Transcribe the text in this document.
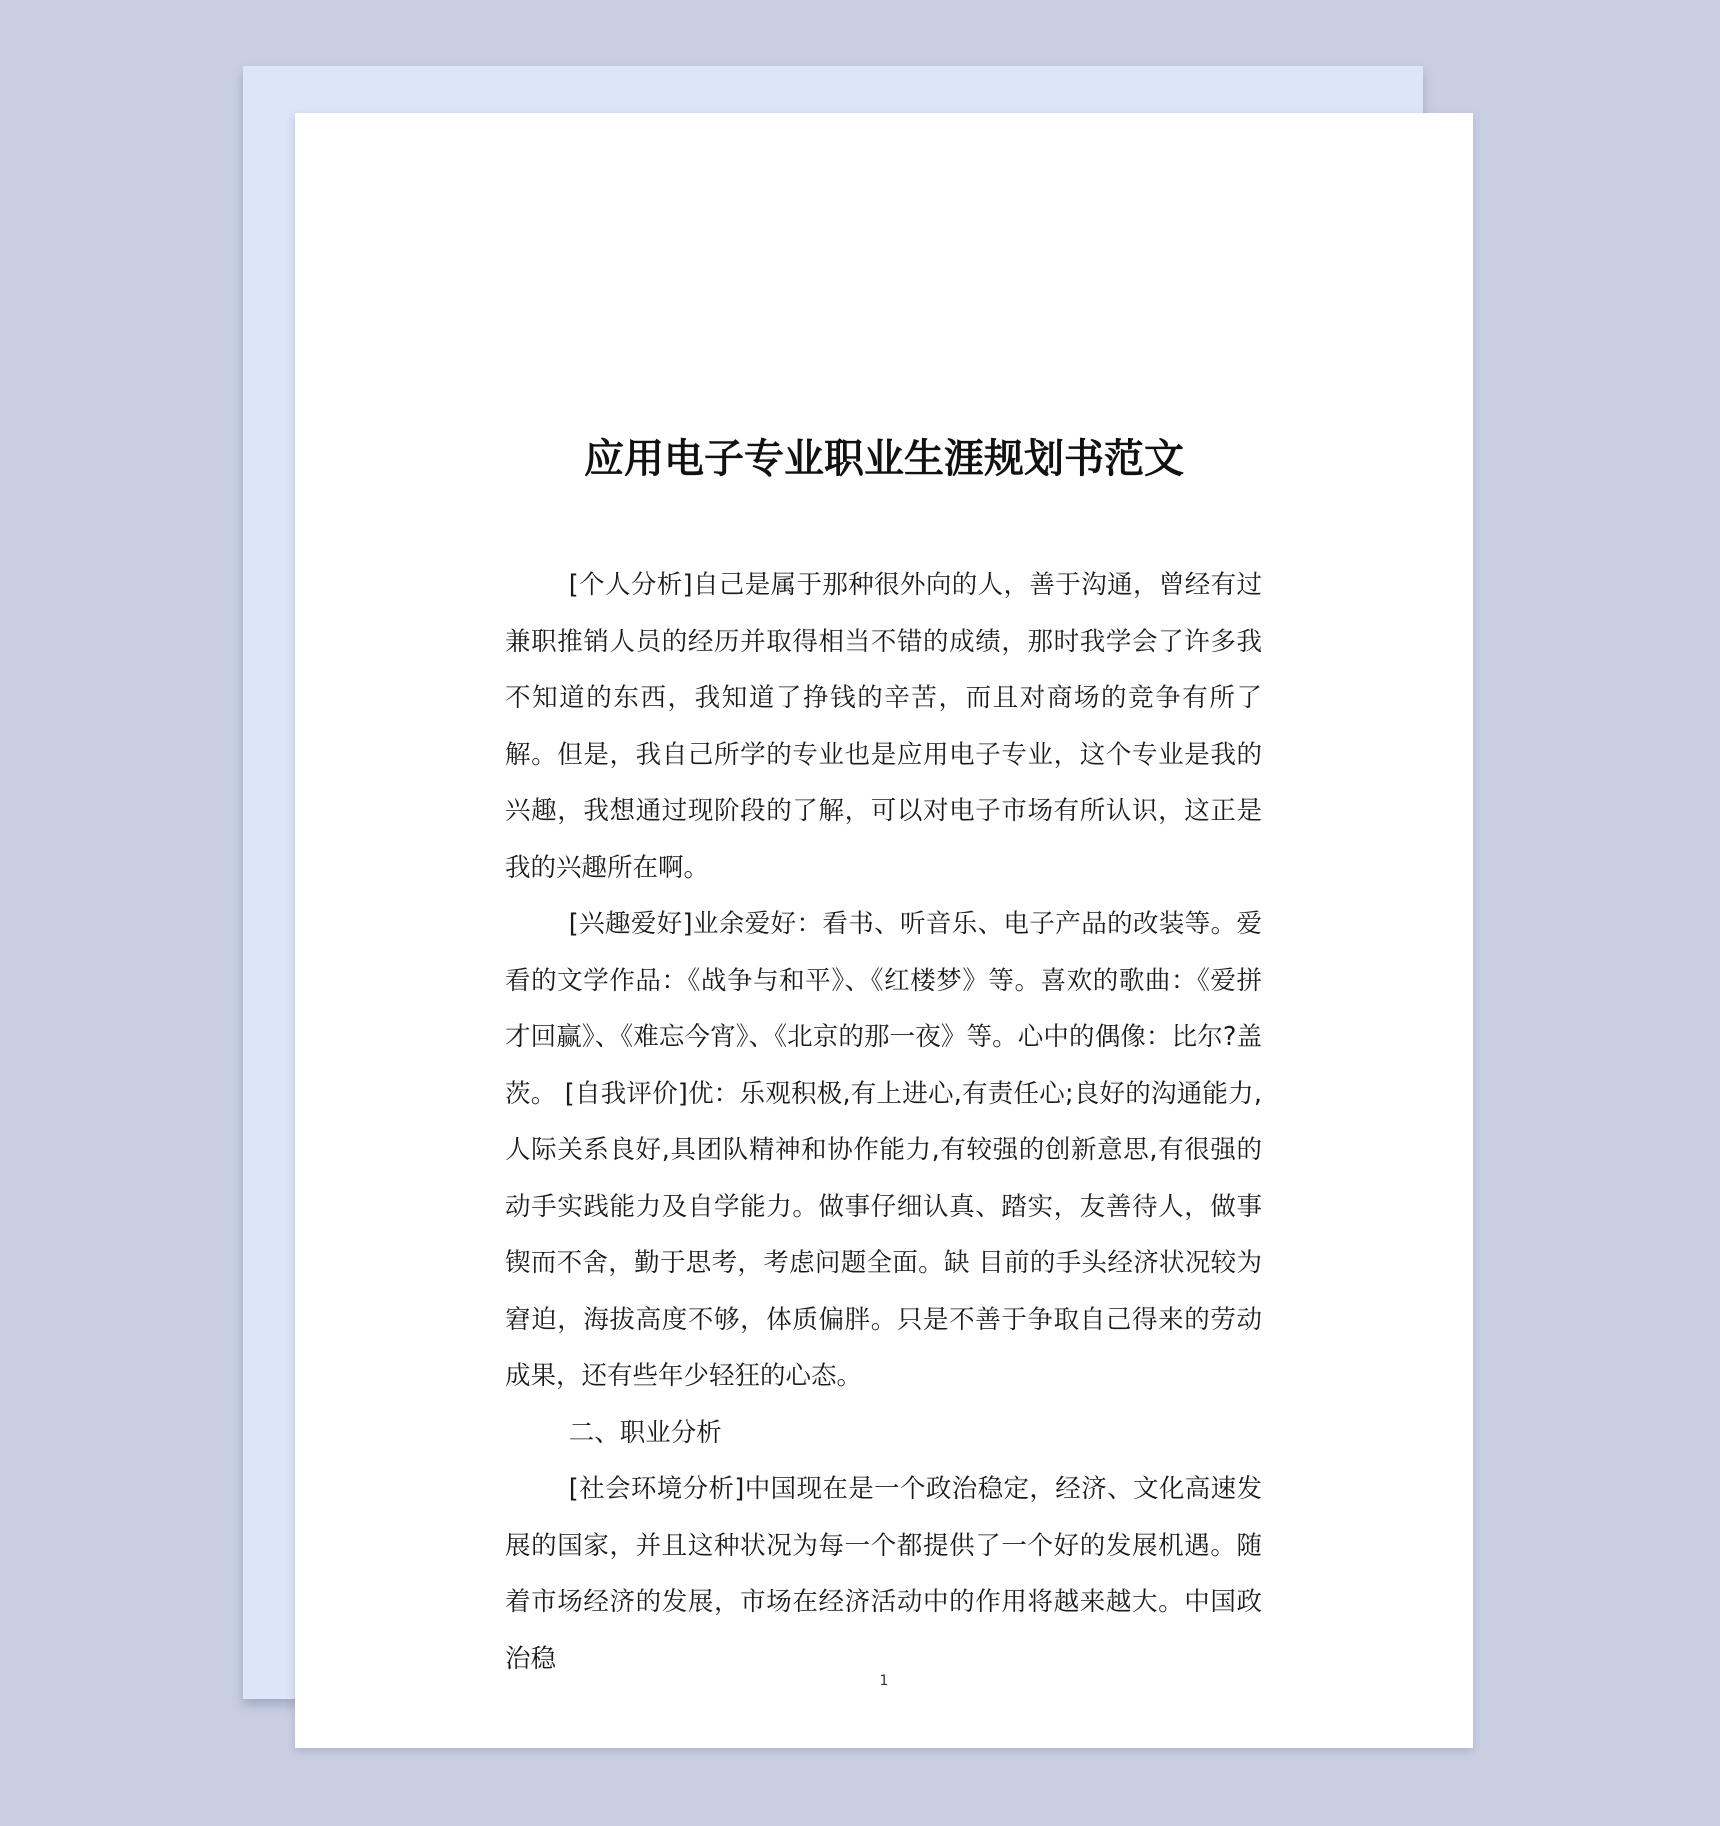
应用电子专业职业生涯规划书范文

[个人分析]自己是属于那种很外向的人，善于沟通，曾经有过兼职推销人员的经历并取得相当不错的成绩，那时我学会了许多我不知道的东西，我知道了挣钱的辛苦，而且对商场的竞争有所了解。但是，我自己所学的专业也是应用电子专业，这个专业是我的兴趣，我想通过现阶段的了解，可以对电子市场有所认识，这正是我的兴趣所在啊。

[兴趣爱好]业余爱好：看书、听音乐、电子产品的改装等。爱看的文学作品：《战争与和平》、《红楼梦》等。喜欢的歌曲：《爱拼才回赢》、《难忘今宵》、《北京的那一夜》等。心中的偶像：比尔?盖茨。 [自我评价]优：乐观积极,有上进心,有责任心;良好的沟通能力,人际关系良好,具团队精神和协作能力,有较强的创新意思,有很强的动手实践能力及自学能力。做事仔细认真、踏实，友善待人，做事锲而不舍，勤于思考，考虑问题全面。缺 目前的手头经济状况较为窘迫，海拔高度不够，体质偏胖。只是不善于争取自己得来的劳动成果，还有些年少轻狂的心态。

二、职业分析

[社会环境分析]中国现在是一个政治稳定，经济、文化高速发展的国家，并且这种状况为每一个都提供了一个好的发展机遇。随着市场经济的发展，市场在经济活动中的作用将越来越大。中国政治稳

1
